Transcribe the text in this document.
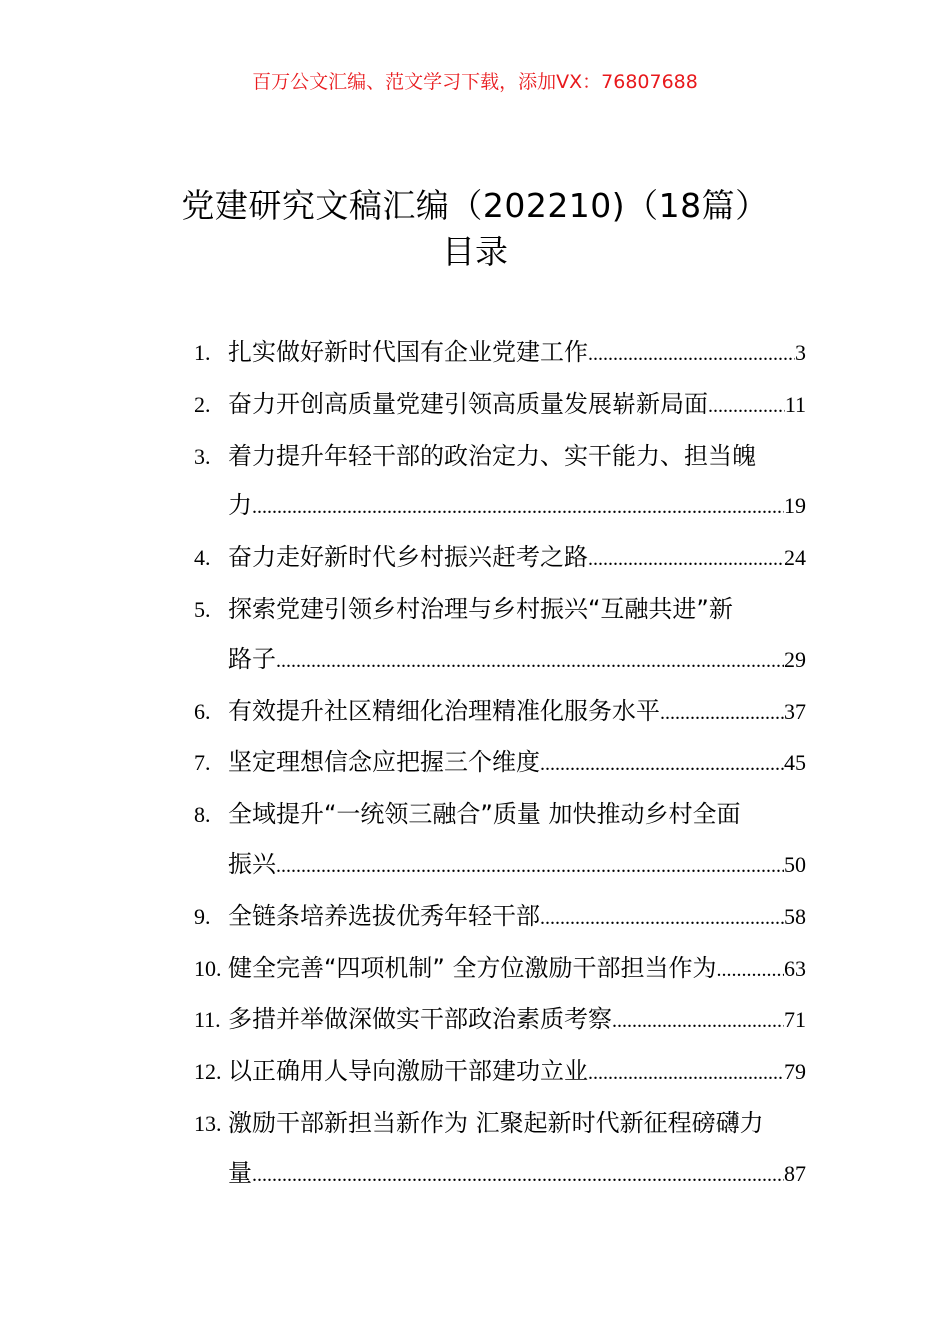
百万公文汇编、范文学习下载，添加VX：76807688
党建研究文稿汇编（202210)（18篇）
目录
1. 扎实做好新时代国有企业党建工作 .....	3
2. 奋力开创高质量党建引领高质量发展崭新局面 .....	11
3. 着力提升年轻干部的政治定力、实干能力、担当魄
力 .....	19
4. 奋力走好新时代乡村振兴赶考之路 .....	24
5. 探索党建引领乡村治理与乡村振兴“互融共进”新
路子 .....	29
6. 有效提升社区精细化治理精准化服务水平 .....	37
7. 坚定理想信念应把握三个维度 .....	45
8. 全域提升“一统领三融合”质量 加快推动乡村全面
振兴 .....	50
9. 全链条培养选拔优秀年轻干部 .....	58
10. 健全完善“四项机制” 全方位激励干部担当作为 .....	63
11. 多措并举做深做实干部政治素质考察 .....	71
12. 以正确用人导向激励干部建功立业 .....	79
13. 激励干部新担当新作为 汇聚起新时代新征程磅礴力
量 .....	87
